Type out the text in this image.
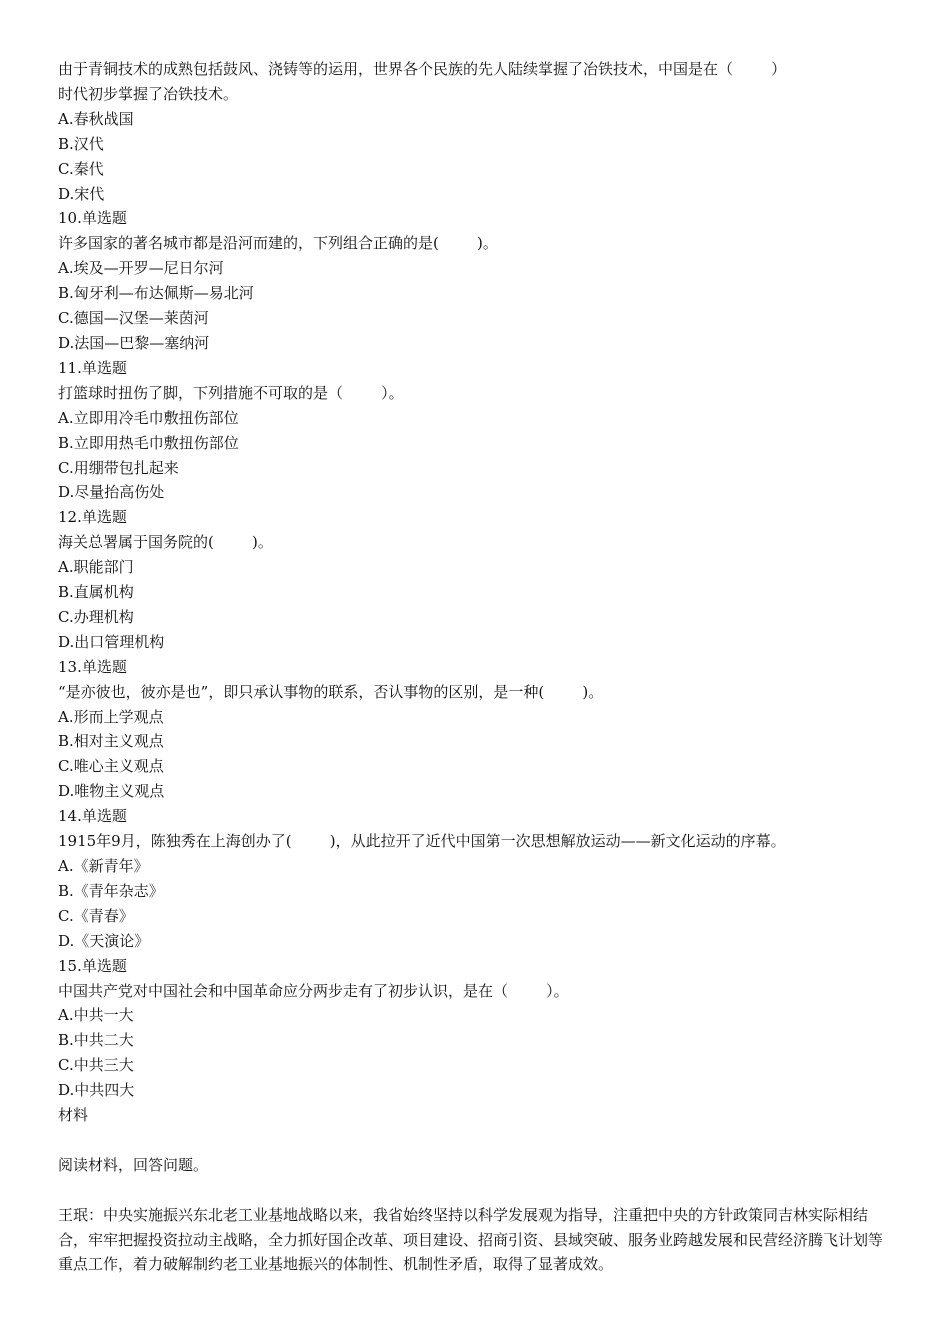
由于青铜技术的成熟包括鼓风、浇铸等的运用，世界各个民族的先人陆续掌握了冶铁技术，中国是在（        ）

时代初步掌握了冶铁技术。

A.春秋战国

B.汉代

C.秦代

D.宋代

10.单选题

许多国家的著名城市都是沿河而建的，下列组合正确的是(        )。

A.埃及—开罗—尼日尔河

B.匈牙利—布达佩斯—易北河

C.德国—汉堡—莱茵河

D.法国—巴黎—塞纳河

11.单选题

打篮球时扭伤了脚，下列措施不可取的是（        ）。

A.立即用冷毛巾敷扭伤部位

B.立即用热毛巾敷扭伤部位

C.用绷带包扎起来

D.尽量抬高伤处

12.单选题

海关总署属于国务院的(        )。

A.职能部门

B.直属机构

C.办理机构

D.出口管理机构

13.单选题

“是亦彼也，彼亦是也”，即只承认事物的联系，否认事物的区别，是一种(        )。

A.形而上学观点

B.相对主义观点

C.唯心主义观点

D.唯物主义观点

14.单选题

1915年9月，陈独秀在上海创办了(        )，从此拉开了近代中国第一次思想解放运动——新文化运动的序幕。

A.《新青年》

B.《青年杂志》

C.《青春》

D.《天演论》

15.单选题

中国共产党对中国社会和中国革命应分两步走有了初步认识，是在（        ）。

A.中共一大

B.中共二大

C.中共三大

D.中共四大

材料

阅读材料，回答问题。

王珉：中央实施振兴东北老工业基地战略以来，我省始终坚持以科学发展观为指导，注重把中央的方针政策同吉林实际相结合，牢牢把握投资拉动主战略，全力抓好国企改革、项目建设、招商引资、县域突破、服务业跨越发展和民营经济腾飞计划等重点工作，着力破解制约老工业基地振兴的体制性、机制性矛盾，取得了显著成效。
